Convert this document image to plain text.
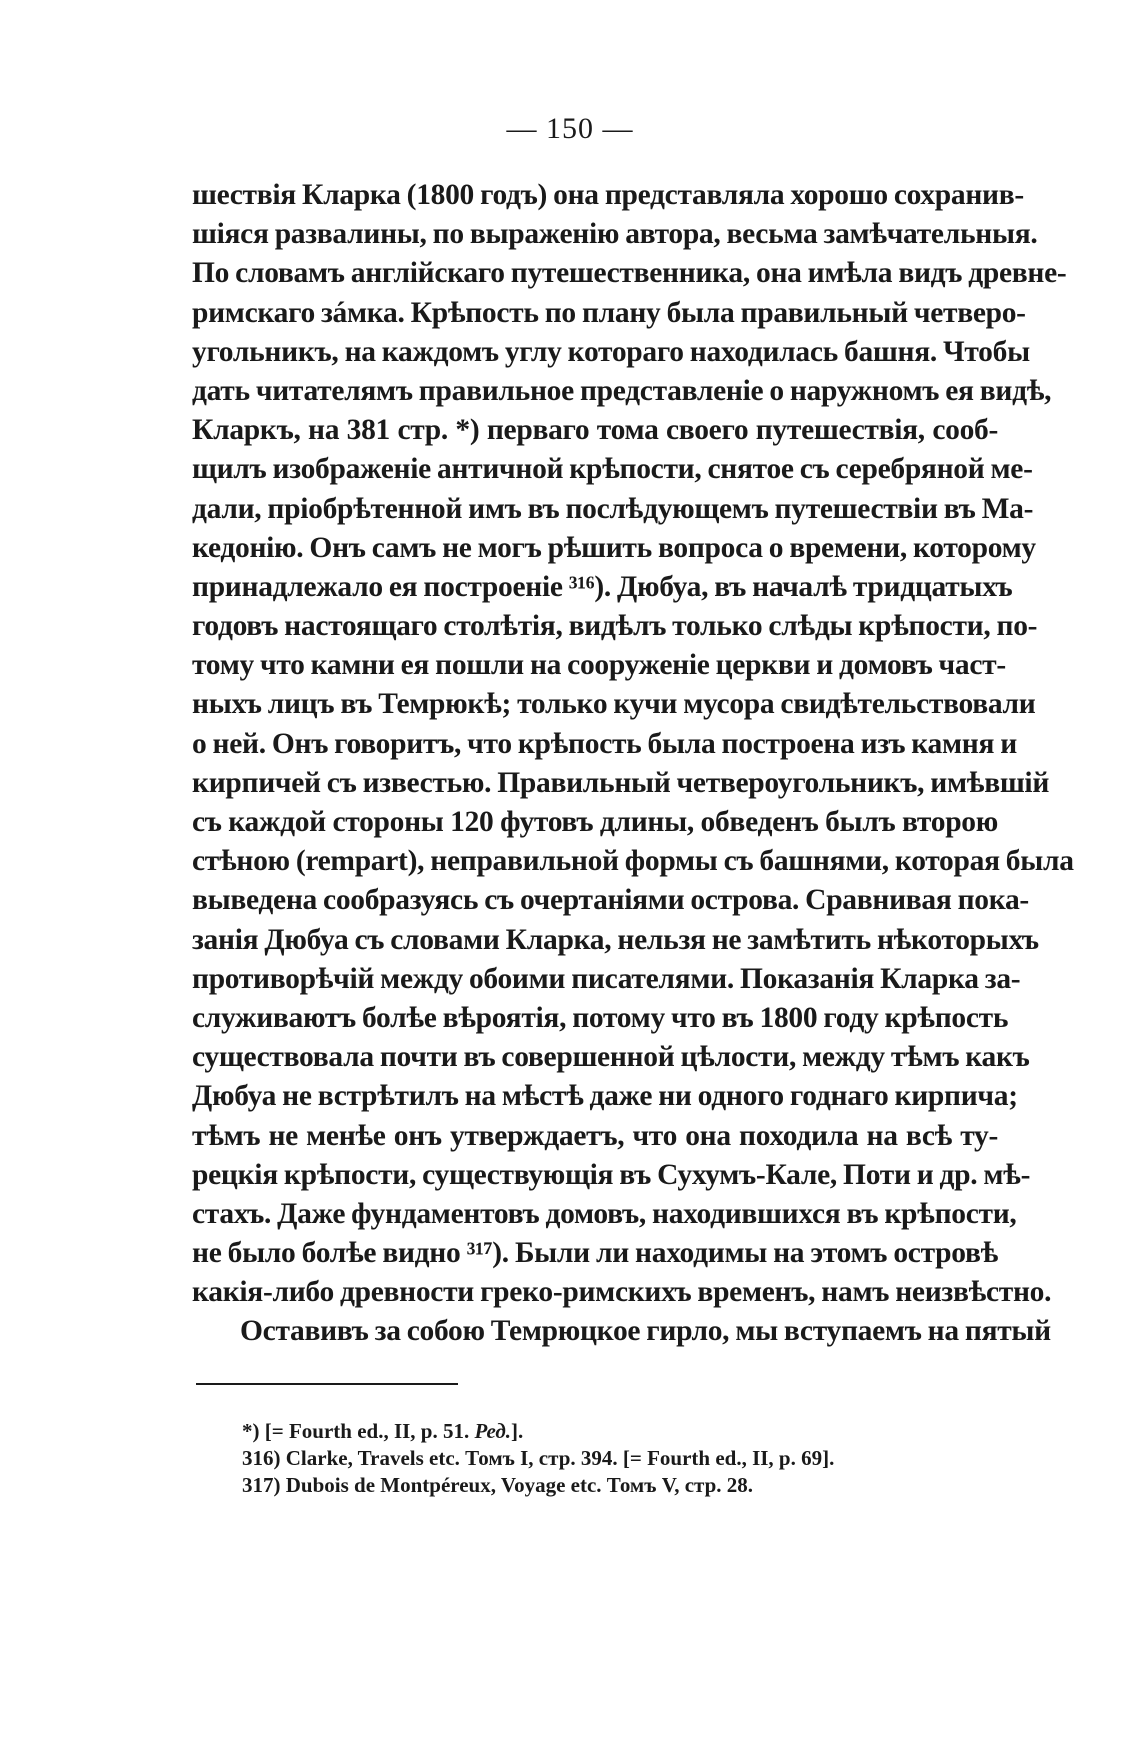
— 150 —
шествія Кларка (1800 годъ) она представляла хорошо сохранив-
шіяся развалины, по выраженію автора, весьма замѣчательныя.
По словамъ англійскаго путешественника, она имѣла видъ древне-
римскаго зáмка. Крѣпость по плану была правильный четверо-
угольникъ, на каждомъ углу котораго находилась башня. Чтобы
дать читателямъ правильное представленіе о наружномъ ея видѣ,
Кларкъ, на 381 стр. *) перваго тома своего путешествія, сооб-
щилъ изображеніе античной крѣпости, снятое съ серебряной ме-
дали, пріобрѣтенной имъ въ послѣдующемъ путешествіи въ Ма-
кедонію. Онъ самъ не могъ рѣшить вопроса о времени, которому
принадлежало ея построеніе ³¹⁶). Дюбуа, въ началѣ тридцатыхъ
годовъ настоящаго столѣтія, видѣлъ только слѣды крѣпости, по-
тому что камни ея пошли на сооруженіе церкви и домовъ част-
ныхъ лицъ въ Темрюкѣ; только кучи мусора свидѣтельствовали
о ней. Онъ говоритъ, что крѣпость была построена изъ камня и
кирпичей съ известью. Правильный четвероугольникъ, имѣвшій
съ каждой стороны 120 футовъ длины, обведенъ былъ второю
стѣною (rempart), неправильной формы съ башнями, которая была
выведена сообразуясь съ очертаніями острова. Сравнивая пока-
занія Дюбуа съ словами Кларка, нельзя не замѣтить нѣкоторыхъ
противорѣчій между обоими писателями. Показанія Кларка за-
служиваютъ болѣе вѣроятія, потому что въ 1800 году крѣпость
существовала почти въ совершенной цѣлости, между тѣмъ какъ
Дюбуа не встрѣтилъ на мѣстѣ даже ни одного годнаго кирпича;
тѣмъ не менѣе онъ утверждаетъ, что она походила на всѣ ту-
рецкія крѣпости, существующія въ Сухумъ-Кале, Поти и др. мѣ-
стахъ. Даже фундаментовъ домовъ, находившихся въ крѣпости,
не было болѣе видно ³¹⁷). Были ли находимы на этомъ островѣ
какія-либо древности греко-римскихъ временъ, намъ неизвѣстно.
Оставивъ за собою Темрюцкое гирло, мы вступаемъ на пятый
*) [= Fourth ed., II, p. 51. Ред.].
316) Clarke, Travels etc. Томъ I, стр. 394. [= Fourth ed., II, p. 69].
317) Dubois de Montpéreux, Voyage etc. Томъ V, стр. 28.
